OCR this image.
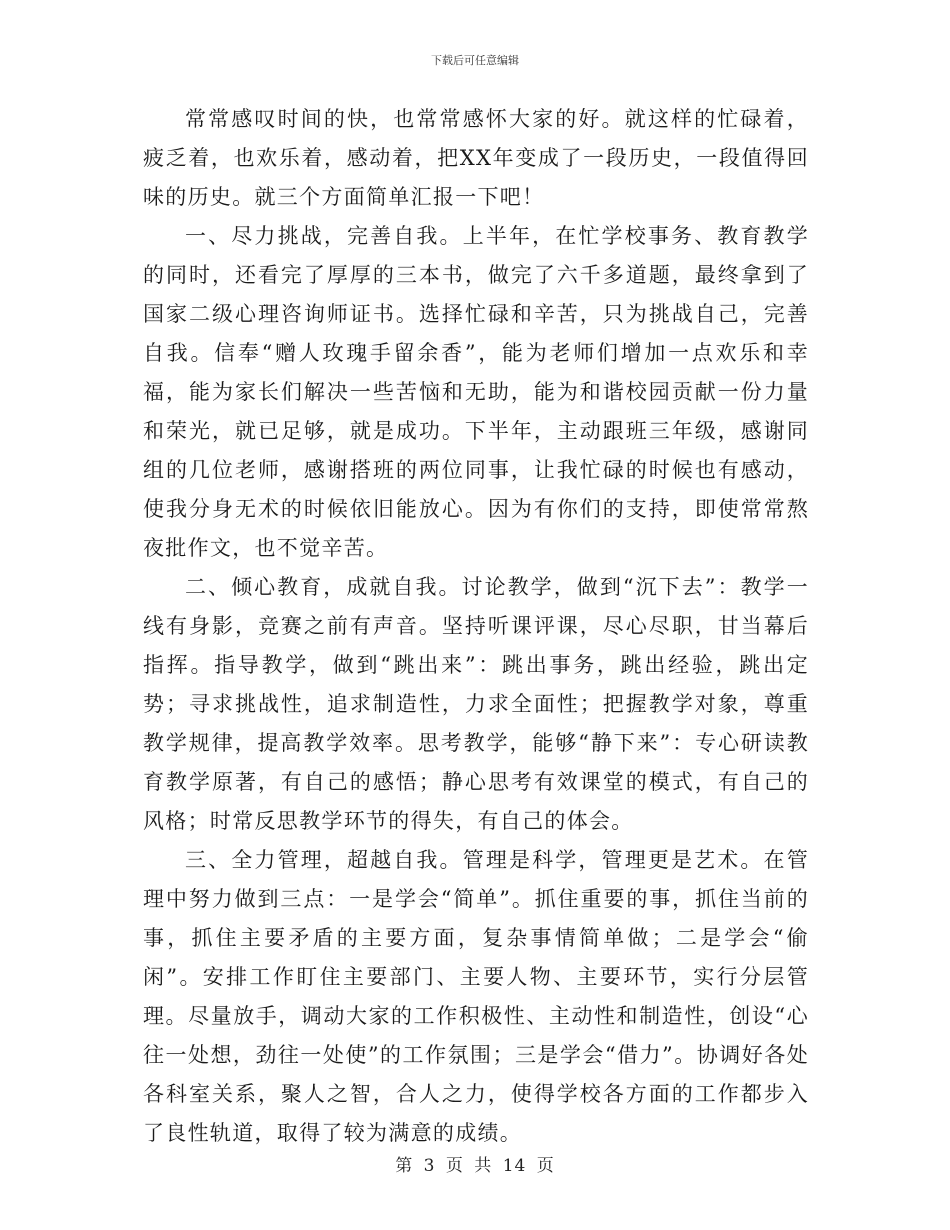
下载后可任意编辑

常常感叹时间的快，也常常感怀大家的好。就这样的忙碌着，疲乏着，也欢乐着，感动着，把XX年变成了一段历史，一段值得回味的历史。就三个方面简单汇报一下吧！

一、尽力挑战，完善自我。上半年，在忙学校事务、教育教学的同时，还看完了厚厚的三本书，做完了六千多道题，最终拿到了国家二级心理咨询师证书。选择忙碌和辛苦，只为挑战自己，完善自我。信奉“赠人玫瑰手留余香”，能为老师们增加一点欢乐和幸福，能为家长们解决一些苦恼和无助，能为和谐校园贡献一份力量和荣光，就已足够，就是成功。下半年，主动跟班三年级，感谢同组的几位老师，感谢搭班的两位同事，让我忙碌的时候也有感动，使我分身无术的时候依旧能放心。因为有你们的支持，即使常常熬夜批作文，也不觉辛苦。

二、倾心教育，成就自我。讨论教学，做到“沉下去”：教学一线有身影，竞赛之前有声音。坚持听课评课，尽心尽职，甘当幕后指挥。指导教学，做到“跳出来”：跳出事务，跳出经验，跳出定势；寻求挑战性，追求制造性，力求全面性；把握教学对象，尊重教学规律，提高教学效率。思考教学，能够“静下来”：专心研读教育教学原著，有自己的感悟；静心思考有效课堂的模式，有自己的风格；时常反思教学环节的得失，有自己的体会。

三、全力管理，超越自我。管理是科学，管理更是艺术。在管理中努力做到三点：一是学会“简单”。抓住重要的事，抓住当前的事，抓住主要矛盾的主要方面，复杂事情简单做；二是学会“偷闲”。安排工作盯住主要部门、主要人物、主要环节，实行分层管理。尽量放手，调动大家的工作积极性、主动性和制造性，创设“心往一处想，劲往一处使”的工作氛围；三是学会“借力”。协调好各处各科室关系，聚人之智，合人之力，使得学校各方面的工作都步入了良性轨道，取得了较为满意的成绩。

第 3 页 共 14 页
